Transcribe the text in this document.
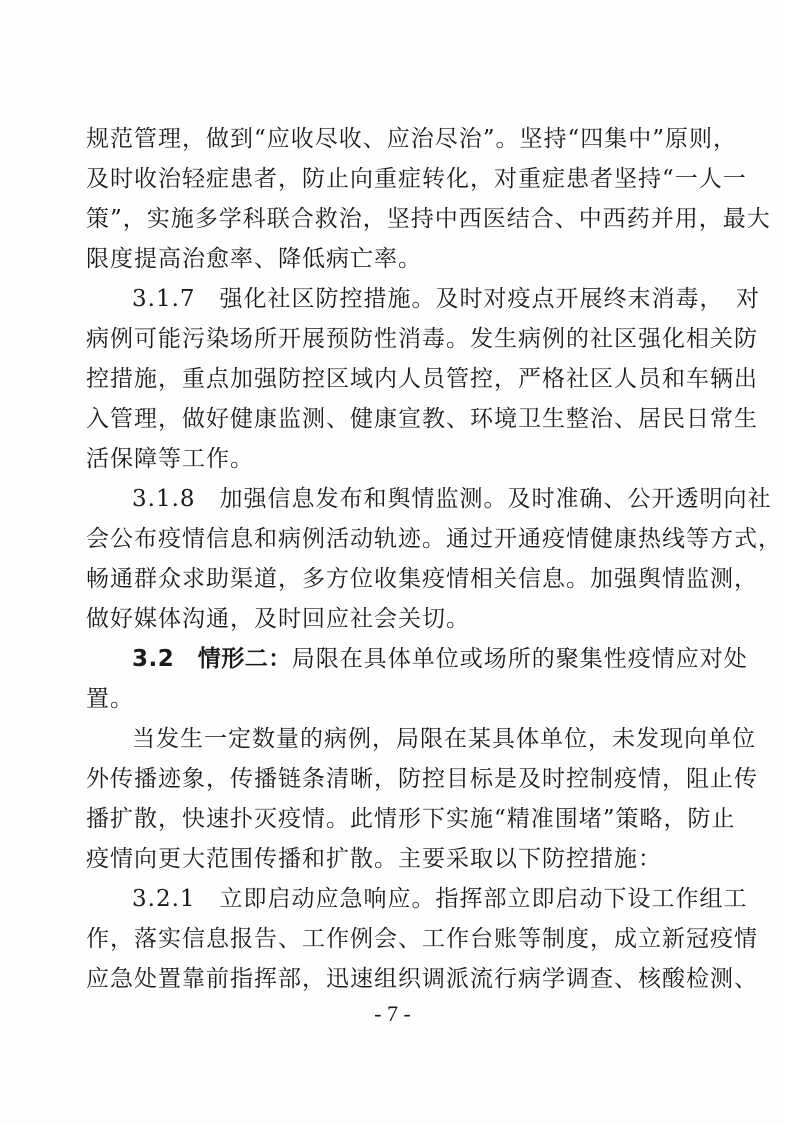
规范管理，做到“应收尽收、应治尽治”。坚持“四集中”原则，
及时收治轻症患者，防止向重症转化，对重症患者坚持“一人一
策”，实施多学科联合救治，坚持中西医结合、中西药并用，最大
限度提高治愈率、降低病亡率。
3.1.7　强化社区防控措施。及时对疫点开展终末消毒，　对
病例可能污染场所开展预防性消毒。发生病例的社区强化相关防
控措施，重点加强防控区域内人员管控，严格社区人员和车辆出
入管理，做好健康监测、健康宣教、环境卫生整治、居民日常生
活保障等工作。
3.1.8　加强信息发布和舆情监测。及时准确、公开透明向社
会公布疫情信息和病例活动轨迹。通过开通疫情健康热线等方式，
畅通群众求助渠道，多方位收集疫情相关信息。加强舆情监测，
做好媒体沟通，及时回应社会关切。
3.2　情形二：局限在具体单位或场所的聚集性疫情应对处
置。
当发生一定数量的病例，局限在某具体单位，未发现向单位
外传播迹象，传播链条清晰，防控目标是及时控制疫情，阻止传
播扩散，快速扑灭疫情。此情形下实施“精准围堵”策略，防止
疫情向更大范围传播和扩散。主要采取以下防控措施：
3.2.1　立即启动应急响应。指挥部立即启动下设工作组工
作，落实信息报告、工作例会、工作台账等制度，成立新冠疫情
应急处置靠前指挥部，迅速组织调派流行病学调查、核酸检测、
- 7 -
